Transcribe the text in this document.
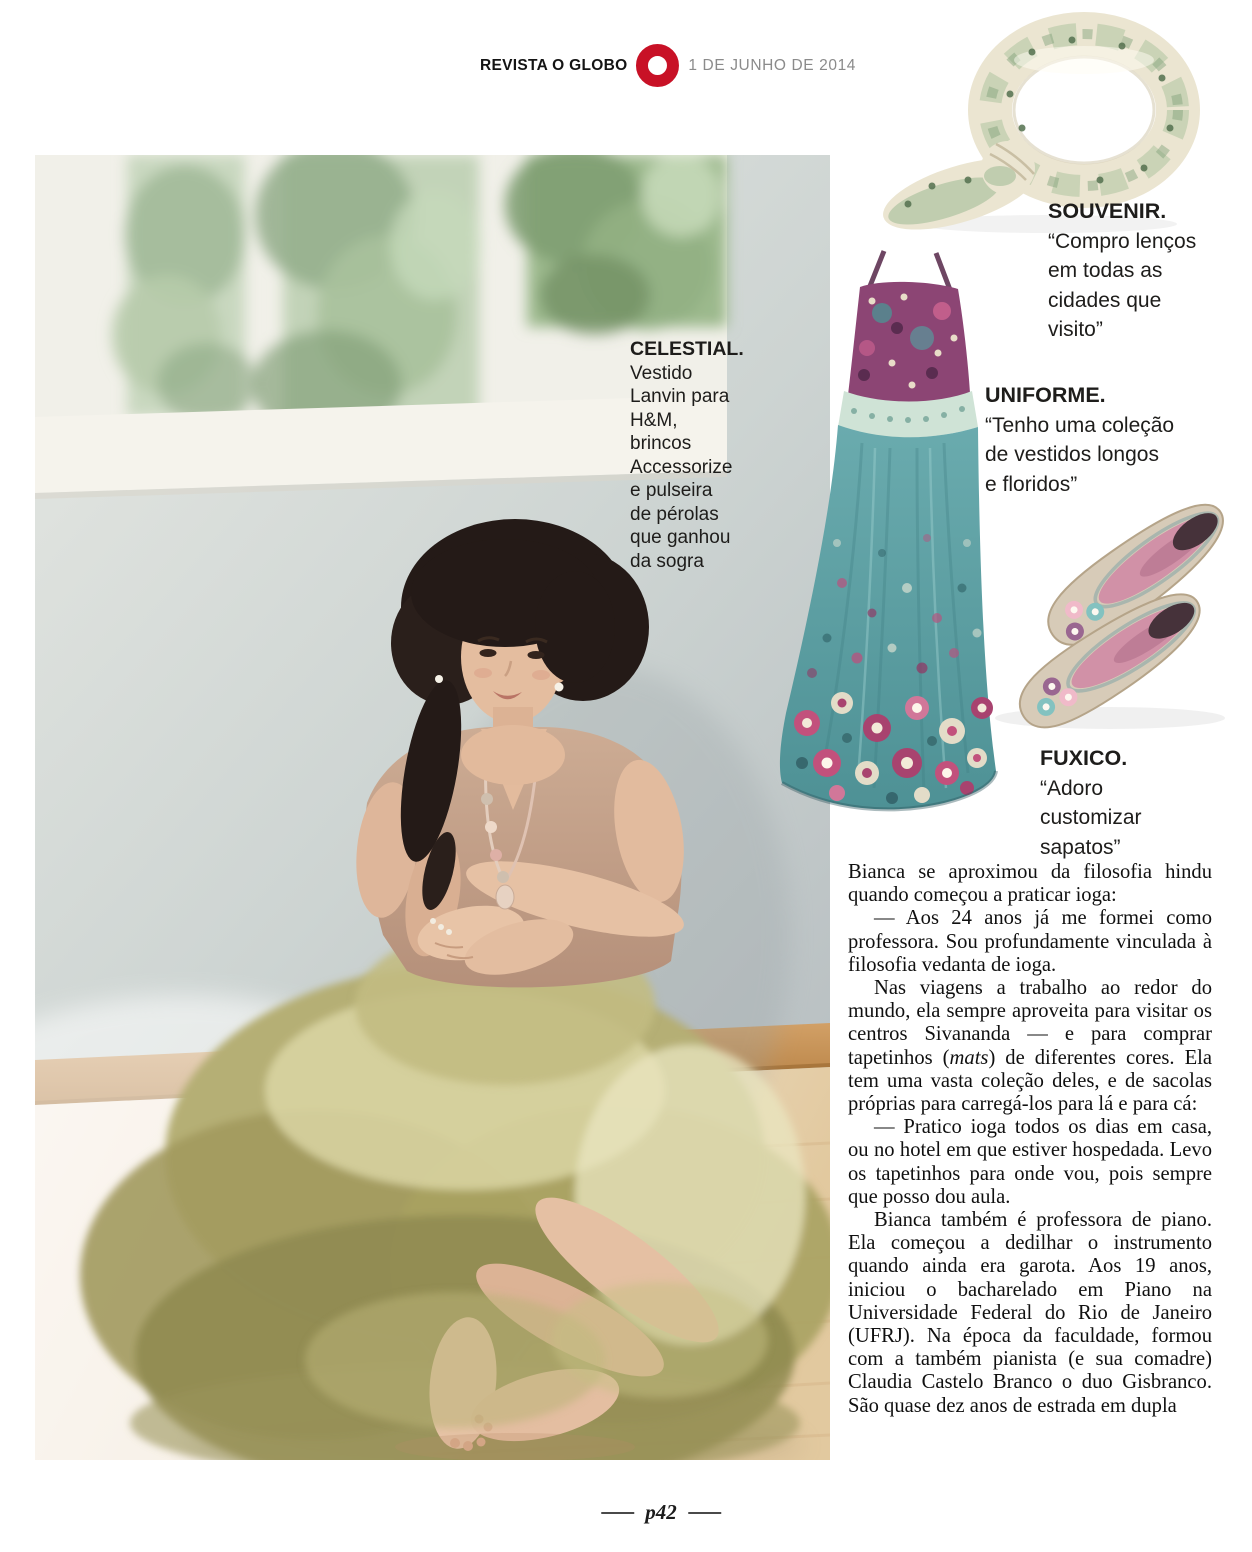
REVISTA O GLOBO	1 DE JUNHO DE 2014
CELESTIAL.
Vestido
Lanvin para
H&M,
brincos
Accessorize
e pulseira
de pérolas
que ganhou
da sogra
SOUVENIR.
“Compro lenços
em todas as
cidades que
visito”
UNIFORME.
“Tenho uma coleção
de vestidos longos
e floridos”
FUXICO.
“Adoro
customizar
sapatos”

Bianca se aproximou da filosofia hindu quando começou a praticar ioga:

— Aos 24 anos já me formei como professora. Sou profundamente vinculada à filosofia vedanta de ioga.

Nas viagens a trabalho ao redor do mundo, ela sempre aproveita para visitar os centros Sivananda — e para comprar tapetinhos (mats) de diferentes cores. Ela tem uma vasta coleção deles, e de sacolas próprias para carregá-los para lá e para cá:

— Pratico ioga todos os dias em casa, ou no hotel em que estiver hospedada. Levo os tapetinhos para onde vou, pois sempre que posso dou aula.

Bianca também é professora de piano. Ela começou a dedilhar o instrumento quando ainda era garota. Aos 19 anos, iniciou o bacharelado em Piano na Universidade Federal do Rio de Janeiro (UFRJ). Na época da faculdade, formou com a também pianista (e sua comadre) Claudia Castelo Branco o duo Gisbranco. São quase dez anos de estrada em dupla

p42
